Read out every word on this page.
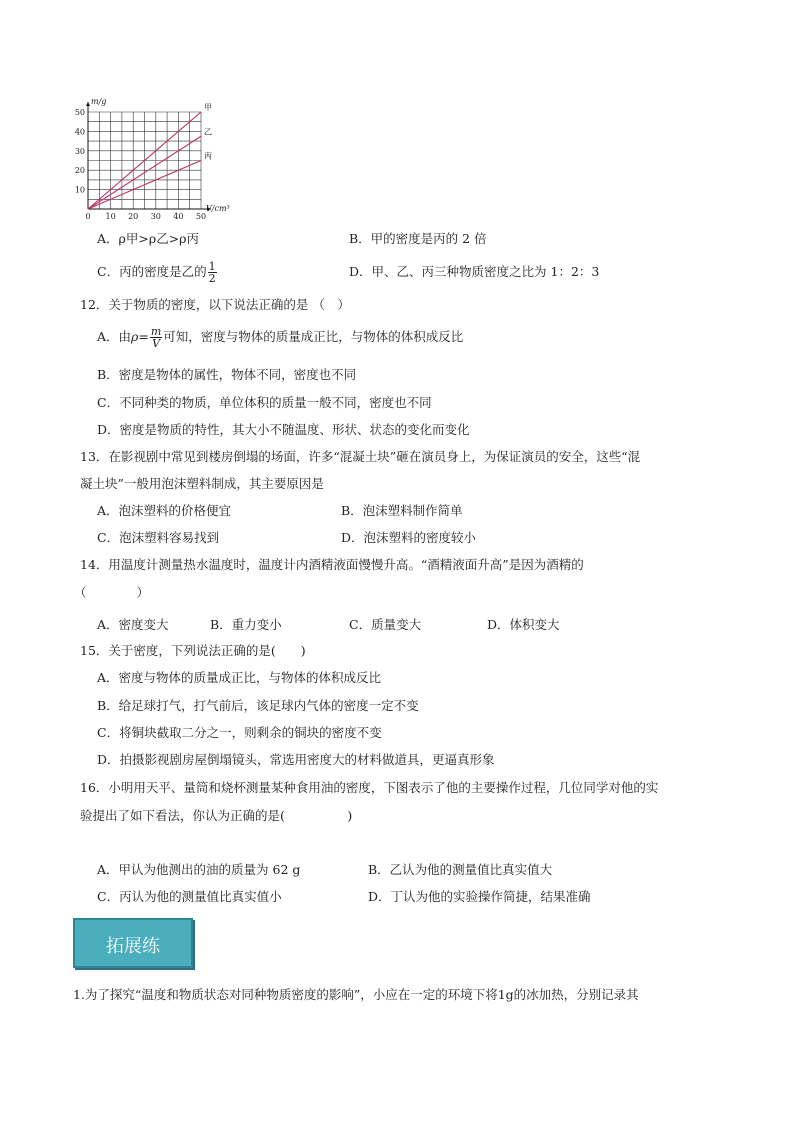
0 10 20 30 40 50
10
20
30
40
50
m/g
V/cm³
甲
乙
丙
A．ρ甲>ρ乙>ρ丙	B．甲的密度是丙的 2 倍
C．丙的密度是乙的 $\frac{1}{2}$	D．甲、乙、丙三种物质密度之比为 1：2：3
12．关于物质的密度，以下说法正确的是 （　）
A．由$\rho= \frac{m}{V}$ 可知，密度与物体的质量成正比，与物体的体积成反比
B．密度是物体的属性，物体不同，密度也不同
C．不同种类的物质，单位体积的质量一般不同，密度也不同
D．密度是物质的特性，其大小不随温度、形状、状态的变化而变化
13．在影视剧中常见到楼房倒塌的场面，许多“混凝土块”砸在演员身上，为保证演员的安全，这些“混
凝土块”一般用泡沫塑料制成，其主要原因是
A．泡沫塑料的价格便宜	B．泡沫塑料制作简单
C．泡沫塑料容易找到	D．泡沫塑料的密度较小
14．用温度计测量热水温度时，温度计内酒精液面慢慢升高。“酒精液面升高”是因为酒精的
（　　　　）
A．密度变大	B．重力变小	C．质量变大	D．体积变大
15．关于密度，下列说法正确的是(　　)
A．密度与物体的质量成正比，与物体的体积成反比
B．给足球打气，打气前后，该足球内气体的密度一定不变
C．将铜块截取二分之一，则剩余的铜块的密度不变
D．拍摄影视剧房屋倒塌镜头，常选用密度大的材料做道具，更逼真形象
16．小明用天平、量筒和烧杯测量某种食用油的密度，下图表示了他的主要操作过程，几位同学对他的实
验提出了如下看法，你认为正确的是(　　　　　)
A．甲认为他测出的油的质量为 62 g	B．乙认为他的测量值比真实值大
C．丙认为他的测量值比真实值小	D．丁认为他的实验操作简捷，结果准确
拓展练
1.为了探究“温度和物质状态对同种物质密度的影响”，小应在一定的环境下将1g的冰加热，分别记录其
